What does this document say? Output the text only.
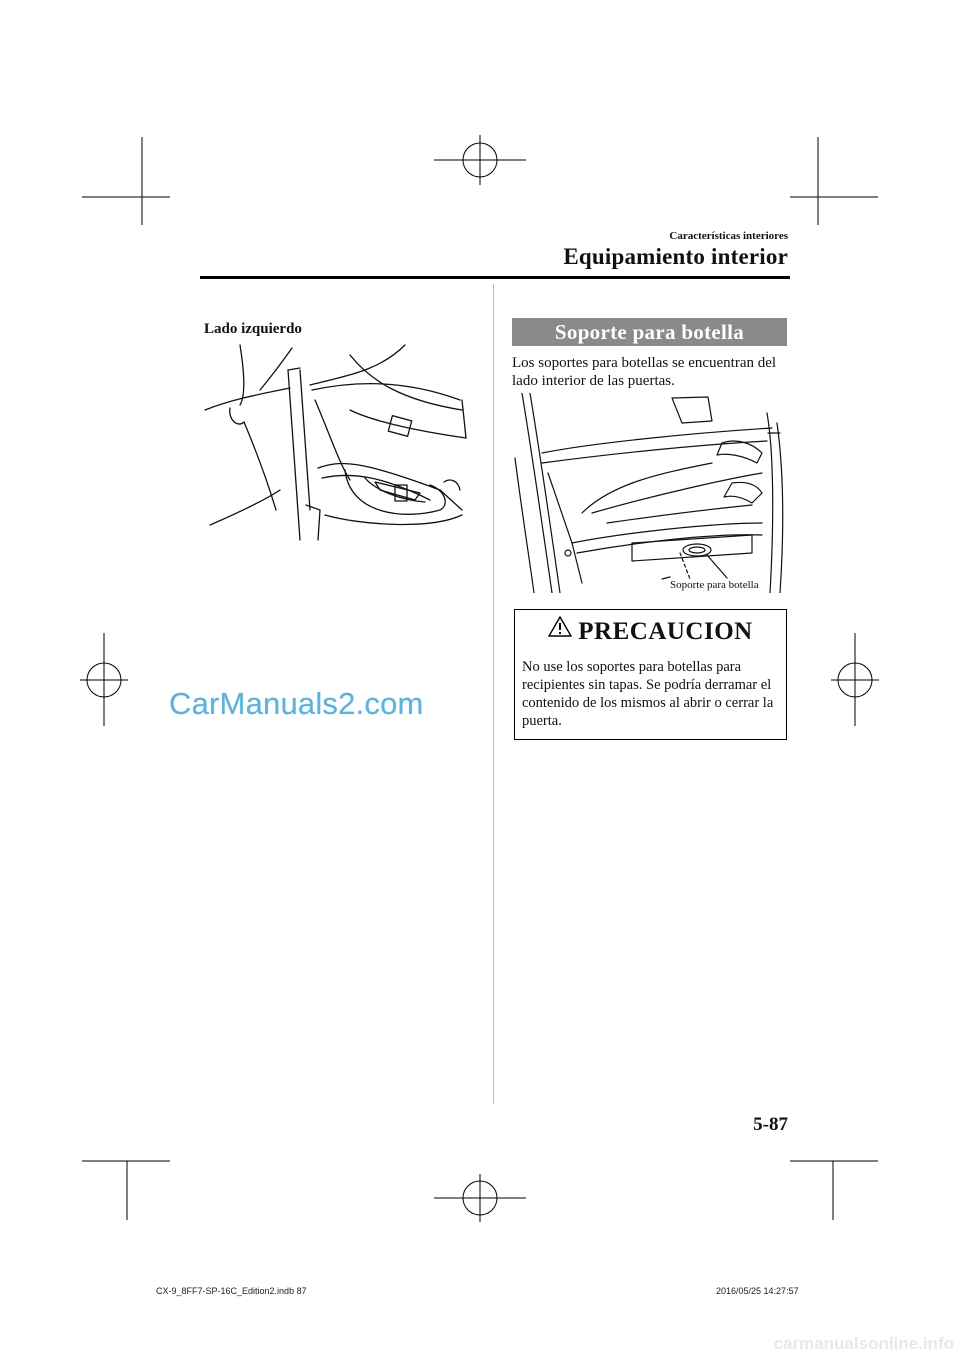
Características interiores
Equipamiento interior
Lado izquierdo
CarManuals2.com
Soporte para botella
Los soportes para botellas se encuentran del lado interior de las puertas.
Soporte para botella
PRECAUCION
No use los soportes para botellas para recipientes sin tapas. Se podría derramar el contenido de los mismos al abrir o cerrar la puerta.
5-87
CX-9_8FF7-SP-16C_Edition2.indb 87	2016/05/25 14:27:57
carmanualsonline.info
